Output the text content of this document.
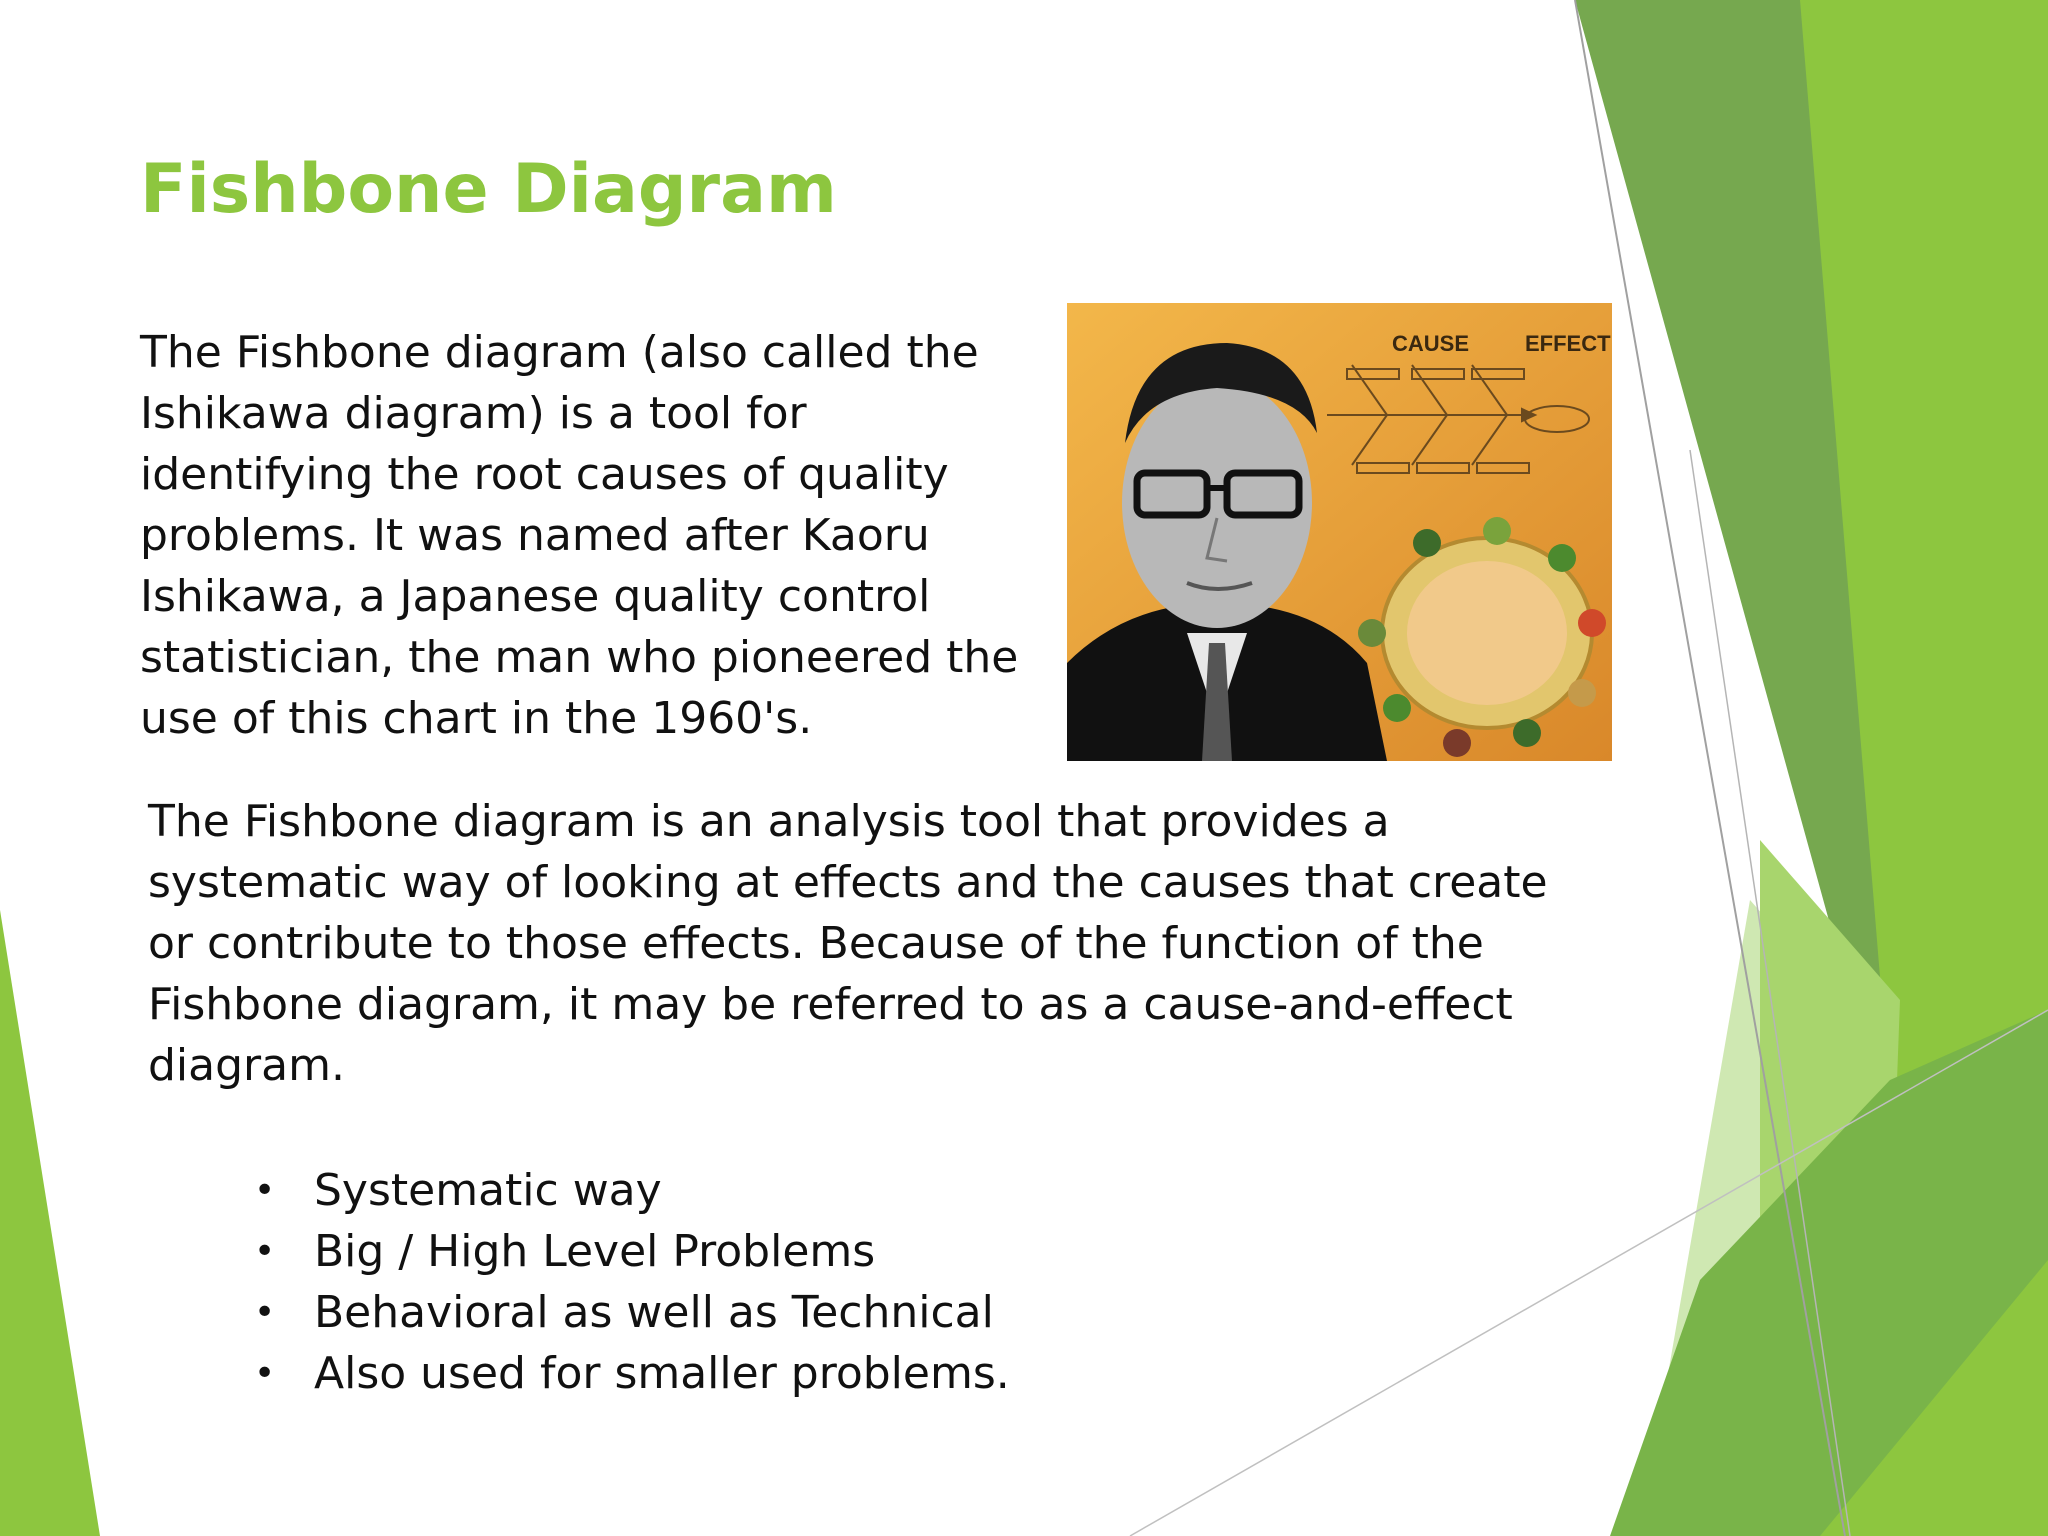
Fishbone Diagram

The Fishbone diagram (also called the Ishikawa diagram) is a tool for identifying the root causes of quality problems. It was named after Kaoru Ishikawa, a Japanese quality control statistician, the man who pioneered the use of this chart in the 1960's.

CAUSE	EFFECT

The Fishbone diagram is an analysis tool that provides a systematic way of looking at effects and the causes that create or contribute to those effects. Because of the function of the Fishbone diagram, it may be referred to as a cause-and-effect diagram.

• Systematic way
• Big / High Level Problems
• Behavioral as well as Technical
• Also used for smaller problems.
